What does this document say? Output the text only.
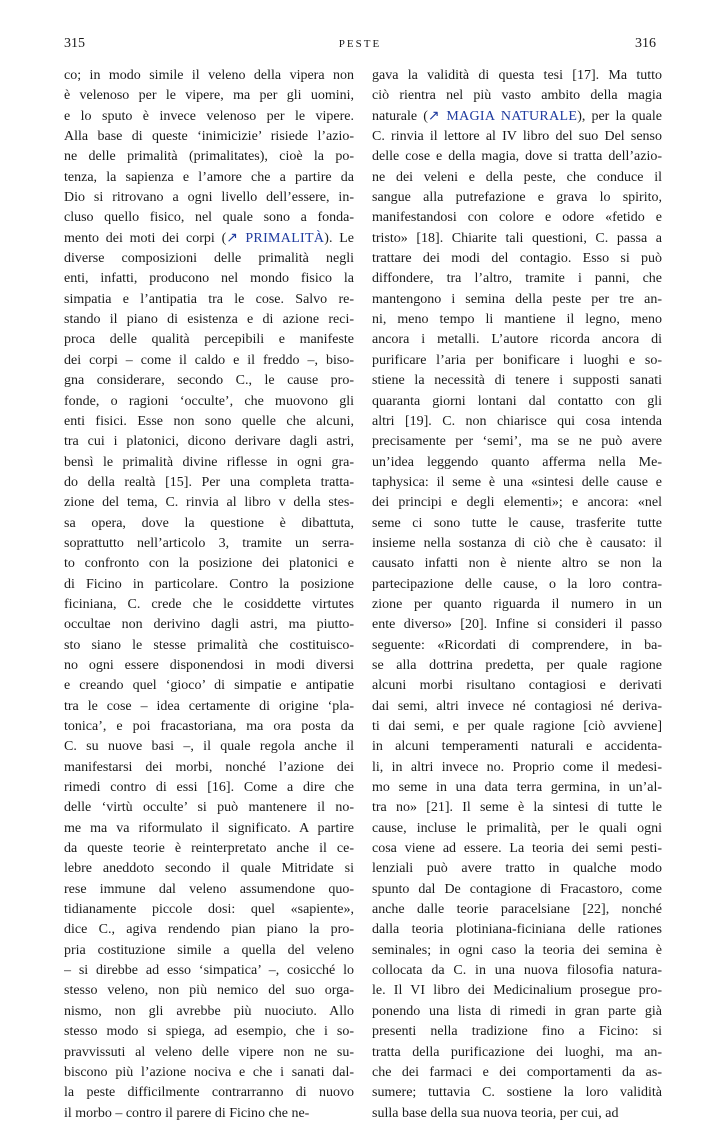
315	PESTE	316
co; in modo simile il veleno della vipera non
è velenoso per le vipere, ma per gli uomini,
e lo sputo è invece velenoso per le vipere.
Alla base di queste ‘inimicizie’ risiede l’azio-
ne delle primalità (primalitates), cioè la po-
tenza, la sapienza e l’amore che a partire da
Dio si ritrovano a ogni livello dell’essere, in-
cluso quello fisico, nel quale sono a fonda-
mento dei moti dei corpi (↗ PRIMALITÀ). Le
diverse composizioni delle primalità negli
enti, infatti, producono nel mondo fisico la
simpatia e l’antipatia tra le cose. Salvo re-
stando il piano di esistenza e di azione reci-
proca delle qualità percepibili e manifeste
dei corpi – come il caldo e il freddo –, biso-
gna considerare, secondo C., le cause pro-
fonde, o ragioni ‘occulte’, che muovono gli
enti fisici. Esse non sono quelle che alcuni,
tra cui i platonici, dicono derivare dagli astri,
bensì le primalità divine riflesse in ogni gra-
do della realtà [15]. Per una completa tratta-
zione del tema, C. rinvia al libro v della stes-
sa opera, dove la questione è dibattuta,
soprattutto nell’articolo 3, tramite un serra-
to confronto con la posizione dei platonici e
di Ficino in particolare. Contro la posizione
ficiniana, C. crede che le cosiddette virtutes
occultae non derivino dagli astri, ma piutto-
sto siano le stesse primalità che costituisco-
no ogni essere disponendosi in modi diversi
e creando quel ‘gioco’ di simpatie e antipatie
tra le cose – idea certamente di origine ‘pla-
tonica’, e poi fracastoriana, ma ora posta da
C. su nuove basi –, il quale regola anche il
manifestarsi dei morbi, nonché l’azione dei
rimedi contro di essi [16]. Come a dire che
delle ‘virtù occulte’ si può mantenere il no-
me ma va riformulato il significato. A partire
da queste teorie è reinterpretato anche il ce-
lebre aneddoto secondo il quale Mitridate si
rese immune dal veleno assumendone quo-
tidianamente piccole dosi: quel «sapiente»,
dice C., agiva rendendo pian piano la pro-
pria costituzione simile a quella del veleno
– si direbbe ad esso ‘simpatica’ –, cosicché lo
stesso veleno, non più nemico del suo orga-
nismo, non gli avrebbe più nuociuto. Allo
stesso modo si spiega, ad esempio, che i so-
pravvissuti al veleno delle vipere non ne su-
biscono più l’azione nociva e che i sanati dal-
la peste difficilmente contrarranno di nuovo
il morbo – contro il parere di Ficino che ne-
gava la validità di questa tesi [17]. Ma tutto
ciò rientra nel più vasto ambito della magia
naturale (↗ MAGIA NATURALE), per la quale
C. rinvia il lettore al IV libro del suo Del senso
delle cose e della magia, dove si tratta dell’azio-
ne dei veleni e della peste, che conduce il
sangue alla putrefazione e grava lo spirito,
manifestandosi con colore e odore «fetido e
tristo» [18]. Chiarite tali questioni, C. passa a
trattare dei modi del contagio. Esso si può
diffondere, tra l’altro, tramite i panni, che
mantengono i semina della peste per tre an-
ni, meno tempo li mantiene il legno, meno
ancora i metalli. L’autore ricorda ancora di
purificare l’aria per bonificare i luoghi e so-
stiene la necessità di tenere i supposti sanati
quaranta giorni lontani dal contatto con gli
altri [19]. C. non chiarisce qui cosa intenda
precisamente per ‘semi’, ma se ne può avere
un’idea leggendo quanto afferma nella Me-
taphysica: il seme è una «sintesi delle cause e
dei principi e degli elementi»; e ancora: «nel
seme ci sono tutte le cause, trasferite tutte
insieme nella sostanza di ciò che è causato: il
causato infatti non è niente altro se non la
partecipazione delle cause, o la loro contra-
zione per quanto riguarda il numero in un
ente diverso» [20]. Infine si consideri il passo
seguente: «Ricordati di comprendere, in ba-
se alla dottrina predetta, per quale ragione
alcuni morbi risultano contagiosi e derivati
dai semi, altri invece né contagiosi né deriva-
ti dai semi, e per quale ragione [ciò avviene]
in alcuni temperamenti naturali e accidenta-
li, in altri invece no. Proprio come il medesi-
mo seme in una data terra germina, in un’al-
tra no» [21]. Il seme è la sintesi di tutte le
cause, incluse le primalità, per le quali ogni
cosa viene ad essere. La teoria dei semi pesti-
lenziali può avere tratto in qualche modo
spunto dal De contagione di Fracastoro, come
anche dalle teorie paracelsiane [22], nonché
dalla teoria plotiniana-ficiniana delle rationes
seminales; in ogni caso la teoria dei semina è
collocata da C. in una nuova filosofia natura-
le. Il VI libro dei Medicinalium prosegue pro-
ponendo una lista di rimedi in gran parte già
presenti nella tradizione fino a Ficino: si
tratta della purificazione dei luoghi, ma an-
che dei farmaci e dei comportamenti da as-
sumere; tuttavia C. sostiene la loro validità
sulla base della sua nuova teoria, per cui, ad
